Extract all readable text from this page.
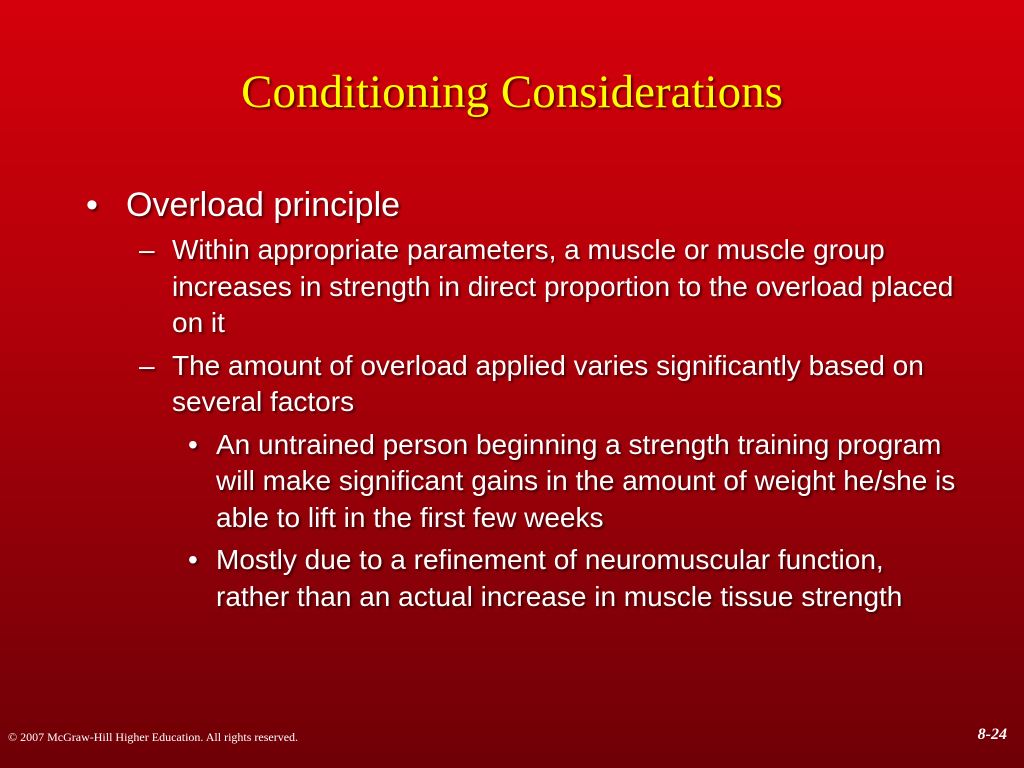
Conditioning Considerations
• Overload principle
– Within appropriate parameters, a muscle or muscle group increases in strength in direct proportion to the overload placed on it
– The amount of overload applied varies significantly based on several factors
• An untrained person beginning a strength training program will make significant gains in the amount of weight he/she is able to lift in the first few weeks
• Mostly due to a refinement of neuromuscular function, rather than an actual increase in muscle tissue strength
© 2007 McGraw-Hill Higher Education. All rights reserved.	8-24
